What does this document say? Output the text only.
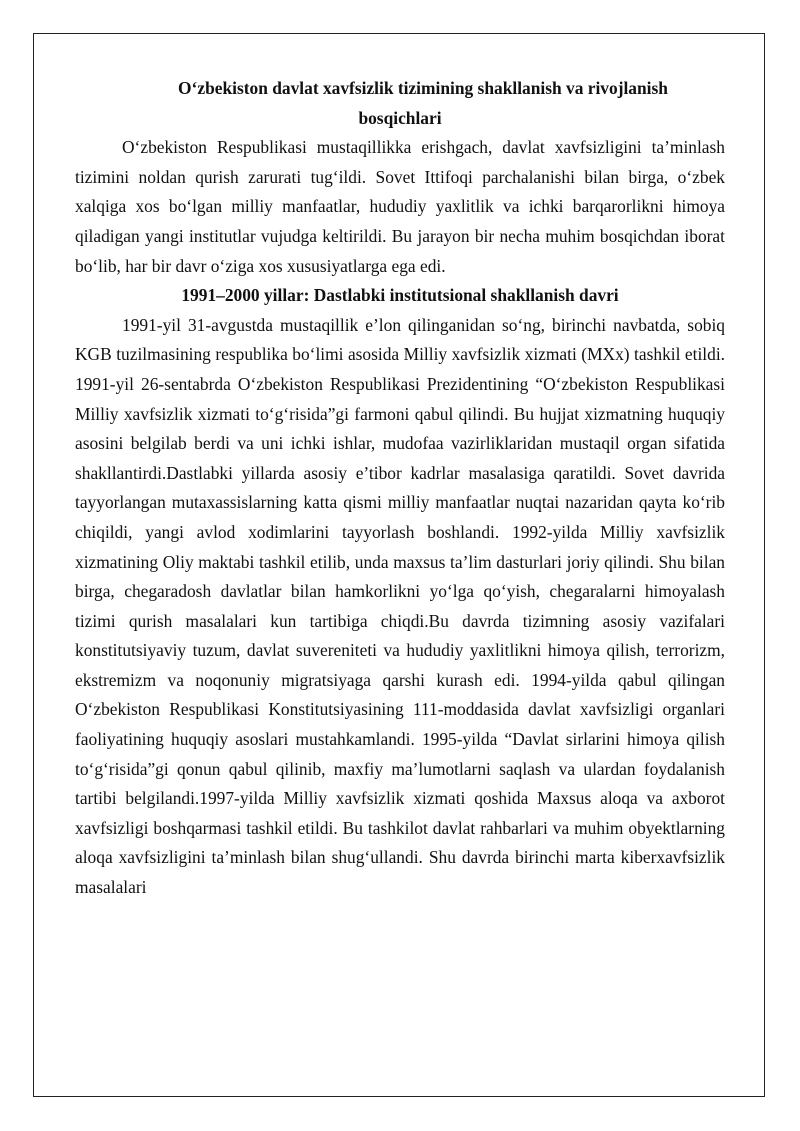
O‘zbekiston davlat xavfsizlik tizimining shakllanish va rivojlanish

bosqichlari

O‘zbekiston Respublikasi mustaqillikka erishgach, davlat xavfsizligini ta’minlash tizimini noldan qurish zarurati tug‘ildi. Sovet Ittifoqi parchalanishi bilan birga, o‘zbek xalqiga xos bo‘lgan milliy manfaatlar, hududiy yaxlitlik va ichki barqarorlikni himoya qiladigan yangi institutlar vujudga keltirildi. Bu jarayon bir necha muhim bosqichdan iborat bo‘lib, har bir davr o‘ziga xos xususiyatlarga ega edi.

1991–2000 yillar: Dastlabki institutsional shakllanish davri

1991-yil 31-avgustda mustaqillik e’lon qilinganidan so‘ng, birinchi navbatda, sobiq KGB tuzilmasining respublika bo‘limi asosida Milliy xavfsizlik xizmati (MXx) tashkil etildi. 1991-yil 26-sentabrda O‘zbekiston Respublikasi Prezidentining “O‘zbekiston Respublikasi Milliy xavfsizlik xizmati to‘g‘risida”gi farmoni qabul qilindi. Bu hujjat xizmatning huquqiy asosini belgilab berdi va uni ichki ishlar, mudofaa vazirliklaridan mustaqil organ sifatida shakllantirdi.Dastlabki yillarda asosiy e’tibor kadrlar masalasiga qaratildi. Sovet davrida tayyorlangan mutaxassislarning katta qismi milliy manfaatlar nuqtai nazaridan qayta ko‘rib chiqildi, yangi avlod xodimlarini tayyorlash boshlandi. 1992-yilda Milliy xavfsizlik xizmatining Oliy maktabi tashkil etilib, unda maxsus ta’lim dasturlari joriy qilindi. Shu bilan birga, chegaradosh davlatlar bilan hamkorlikni yo‘lga qo‘yish, chegaralarni himoyalash tizimi qurish masalalari kun tartibiga chiqdi.Bu davrda tizimning asosiy vazifalari konstitutsiyaviy tuzum, davlat suvereniteti va hududiy yaxlitlikni himoya qilish, terrorizm, ekstremizm va noqonuniy migratsiyaga qarshi kurash edi. 1994-yilda qabul qilingan O‘zbekiston Respublikasi Konstitutsiyasining 111-moddasida davlat xavfsizligi organlari faoliyatining huquqiy asoslari mustahkamlandi. 1995-yilda “Davlat sirlarini himoya qilish to‘g‘risida”gi qonun qabul qilinib, maxfiy ma’lumotlarni saqlash va ulardan foydalanish tartibi belgilandi.1997-yilda Milliy xavfsizlik xizmati qoshida Maxsus aloqa va axborot xavfsizligi boshqarmasi tashkil etildi. Bu tashkilot davlat rahbarlari va muhim obyektlarning aloqa xavfsizligini ta’minlash bilan shug‘ullandi. Shu davrda birinchi marta kiberxavfsizlik masalalari
